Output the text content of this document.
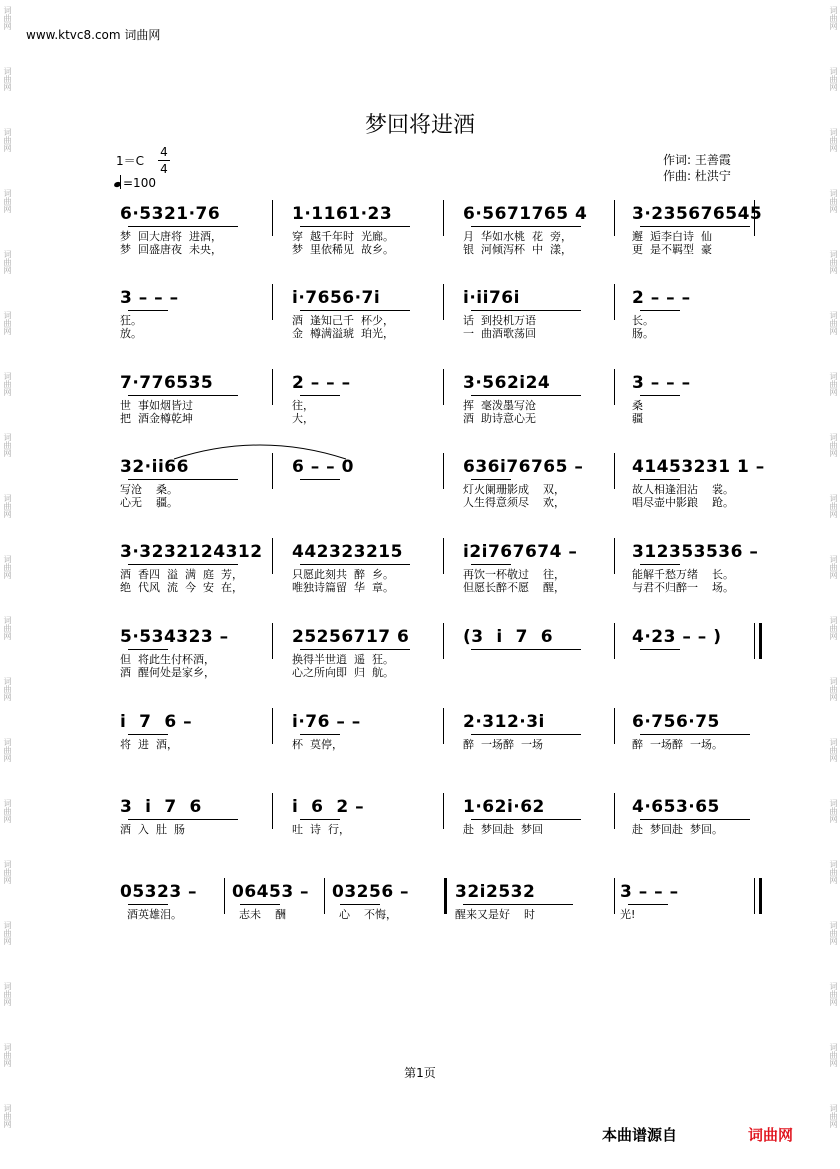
词曲网
词曲网
词曲网
词曲网
词曲网
词曲网
词曲网
词曲网
词曲网
词曲网
词曲网
词曲网
词曲网
词曲网
词曲网
词曲网
词曲网
词曲网
词曲网
词曲网
词曲网
词曲网
词曲网
词曲网
词曲网
词曲网
词曲网
词曲网
词曲网
词曲网
词曲网
词曲网
词曲网
词曲网
词曲网
词曲网
词曲网
词曲网
www.ktvc8.com 词曲网
梦回将进酒
1＝C
4
4
=100
作词: 王善霞
作曲: 杜洪宁
6·5321·76
梦  回大唐将  进酒，
梦  回盛唐夜  未央，
1·1161·23
穿  越千年时  光廊。
梦  里依稀见  故乡。
6·5671765 4
月  华如水桃  花  旁，
银  河倾泻杯  中  漾，
3·235676545
邂  逅李白诗  仙
更  是不羁型  豪
3 – – –
狂。
放。
i·7656·7i
酒  逢知己千  杯少，
金  樽满溢琥  珀光，
i·ii76i
话  到投机万语
一  曲酒歌荡回
2 – – –
长。
肠。
7·776535
世  事如烟皆过
把  酒金樽乾坤
2 – – –
往，
大，
3·562i24
挥  毫泼墨写沧
酒  助诗意心无
3 – – –
桑
疆
32·ii66
写沧    桑。
心无    疆。
6 – – 0	636i76765 –
灯火阑珊影成    双，
人生得意须尽    欢，
41453231 1 –
故人相逢泪沾    裳。
唱尽壶中影踉    跄。
3·3232124312
酒  香四  溢  满  庭  芳，
绝  代风  流  今  安  在，
442323215
只愿此刻共  醉  乡。
唯独诗篇留  华  章。
i2i767674 –
再饮一杯敬过    往，
但愿长醉不愿    醒，
312353536 –
能解千愁万绪    长。
与君不归醉一    场。
5·534323 –
但  将此生付杯酒，
酒  醒何处是家乡，
25256717 6
换得半世逍  遥  狂。
心之所向即  归  航。
(3  i  7  6	4·23 – – )
i  7  6 –
将  进  酒，
i·76 – –
杯  莫停，
2·312·3i
醉  一场醉  一场
6·756·75
醉  一场醉  一场。
3  i  7  6
酒  入  肚  肠
i  6  2 –
吐  诗  行，
1·62i·62
赴  梦回赴  梦回
4·653·65
赴  梦回赴  梦回。
05323 –
酒英雄泪。
06453 –
志未    酬
03256 –
心    不悔，
32i2532
醒来又是好    时
3 – – –
光!
第1页
本曲谱源自	词曲网
